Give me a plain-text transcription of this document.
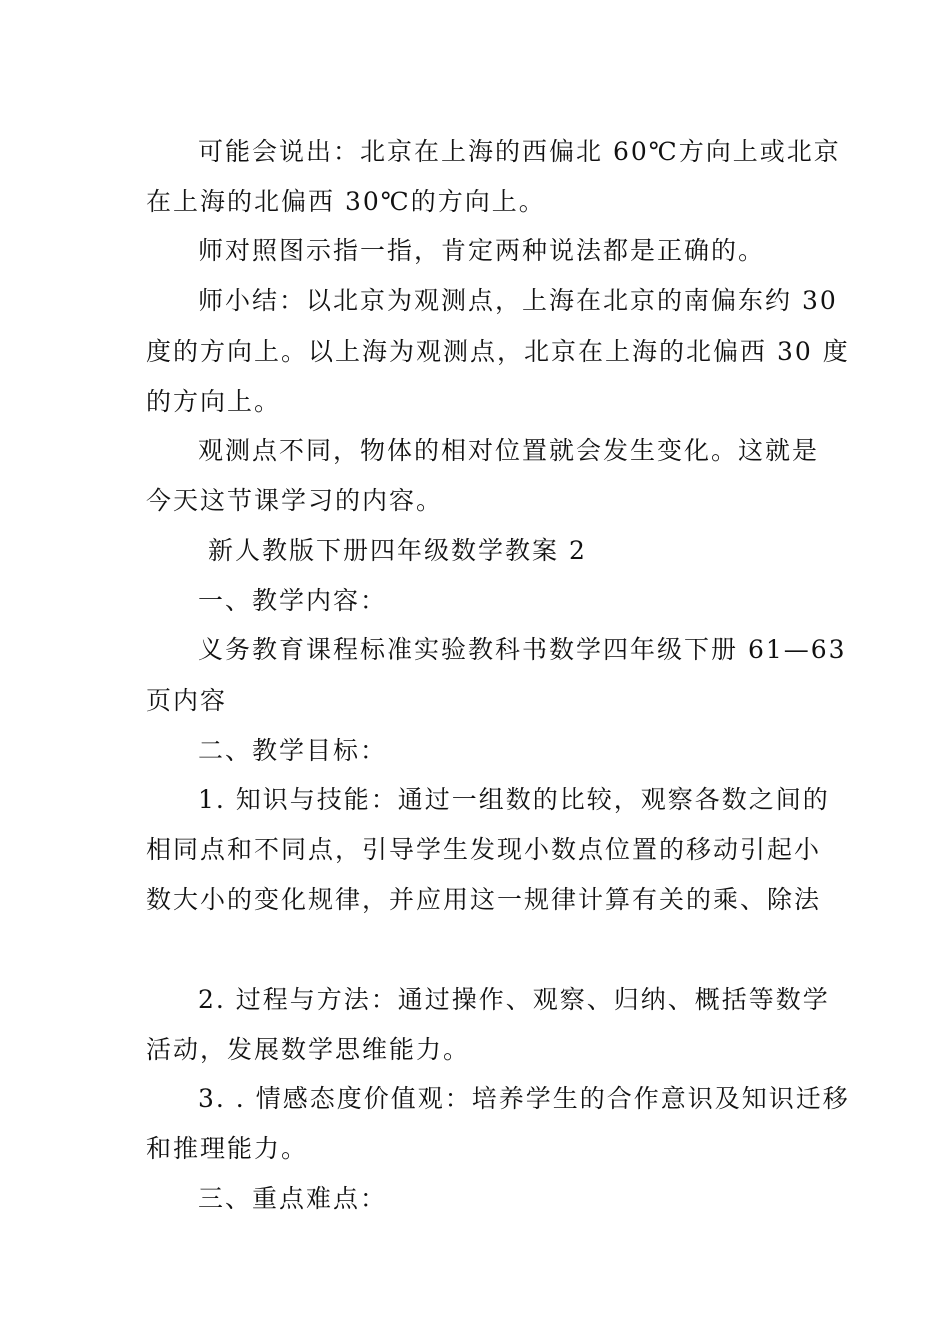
可能会说出：北京在上海的西偏北 60℃方向上或北京
在上海的北偏西 30℃的方向上。
师对照图示指一指，肯定两种说法都是正确的。
师小结：以北京为观测点，上海在北京的南偏东约 30
度的方向上。以上海为观测点，北京在上海的北偏西 30 度
的方向上。
观测点不同，物体的相对位置就会发生变化。这就是
今天这节课学习的内容。
新人教版下册四年级数学教案 2
一、教学内容：
义务教育课程标准实验教科书数学四年级下册 61—63
页内容
二、教学目标：
1. 知识与技能：通过一组数的比较，观察各数之间的
相同点和不同点，引导学生发现小数点位置的移动引起小
数大小的变化规律，并应用这一规律计算有关的乘、除法
2. 过程与方法：通过操作、观察、归纳、概括等数学
活动，发展数学思维能力。
3. . 情感态度价值观：培养学生的合作意识及知识迁移
和推理能力。
三、重点难点：
